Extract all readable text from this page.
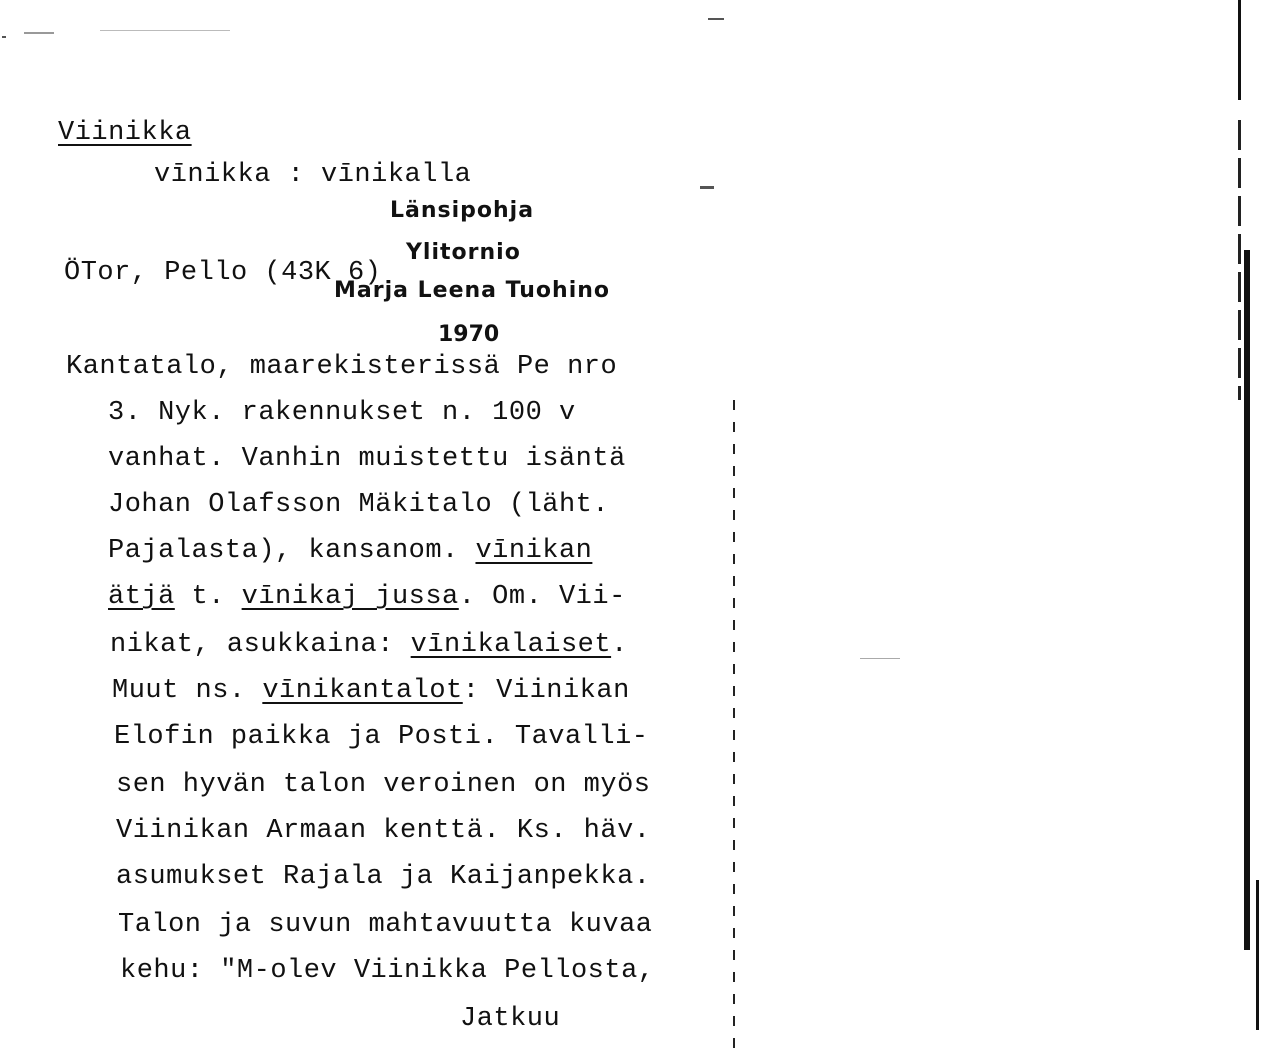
Viinikka
vīnikka : vīnikalla
Länsipohja
ÖTor, Pello (43K 6)
Ylitornio
Marja Leena Tuohino
1970
Kantatalo, maarekisterissä Pe nro
3. Nyk. rakennukset n. 100 v
vanhat. Vanhin muistettu isäntä
Johan Olafsson Mäkitalo (läht.
Pajalasta), kansanom. vīnikan
ätjä t. vīnikaj jussa. Om. Vii-
nikat, asukkaina: vīnikalaiset.
Muut ns. vīnikantalot: Viinikan
Elofin paikka ja Posti. Tavalli-
sen hyvän talon veroinen on myös
Viinikan Armaan kenttä. Ks. häv.
asumukset Rajala ja Kaijanpekka.
Talon ja suvun mahtavuutta kuvaa
kehu: "M-olev Viinikka Pellosta,
Jatkuu
